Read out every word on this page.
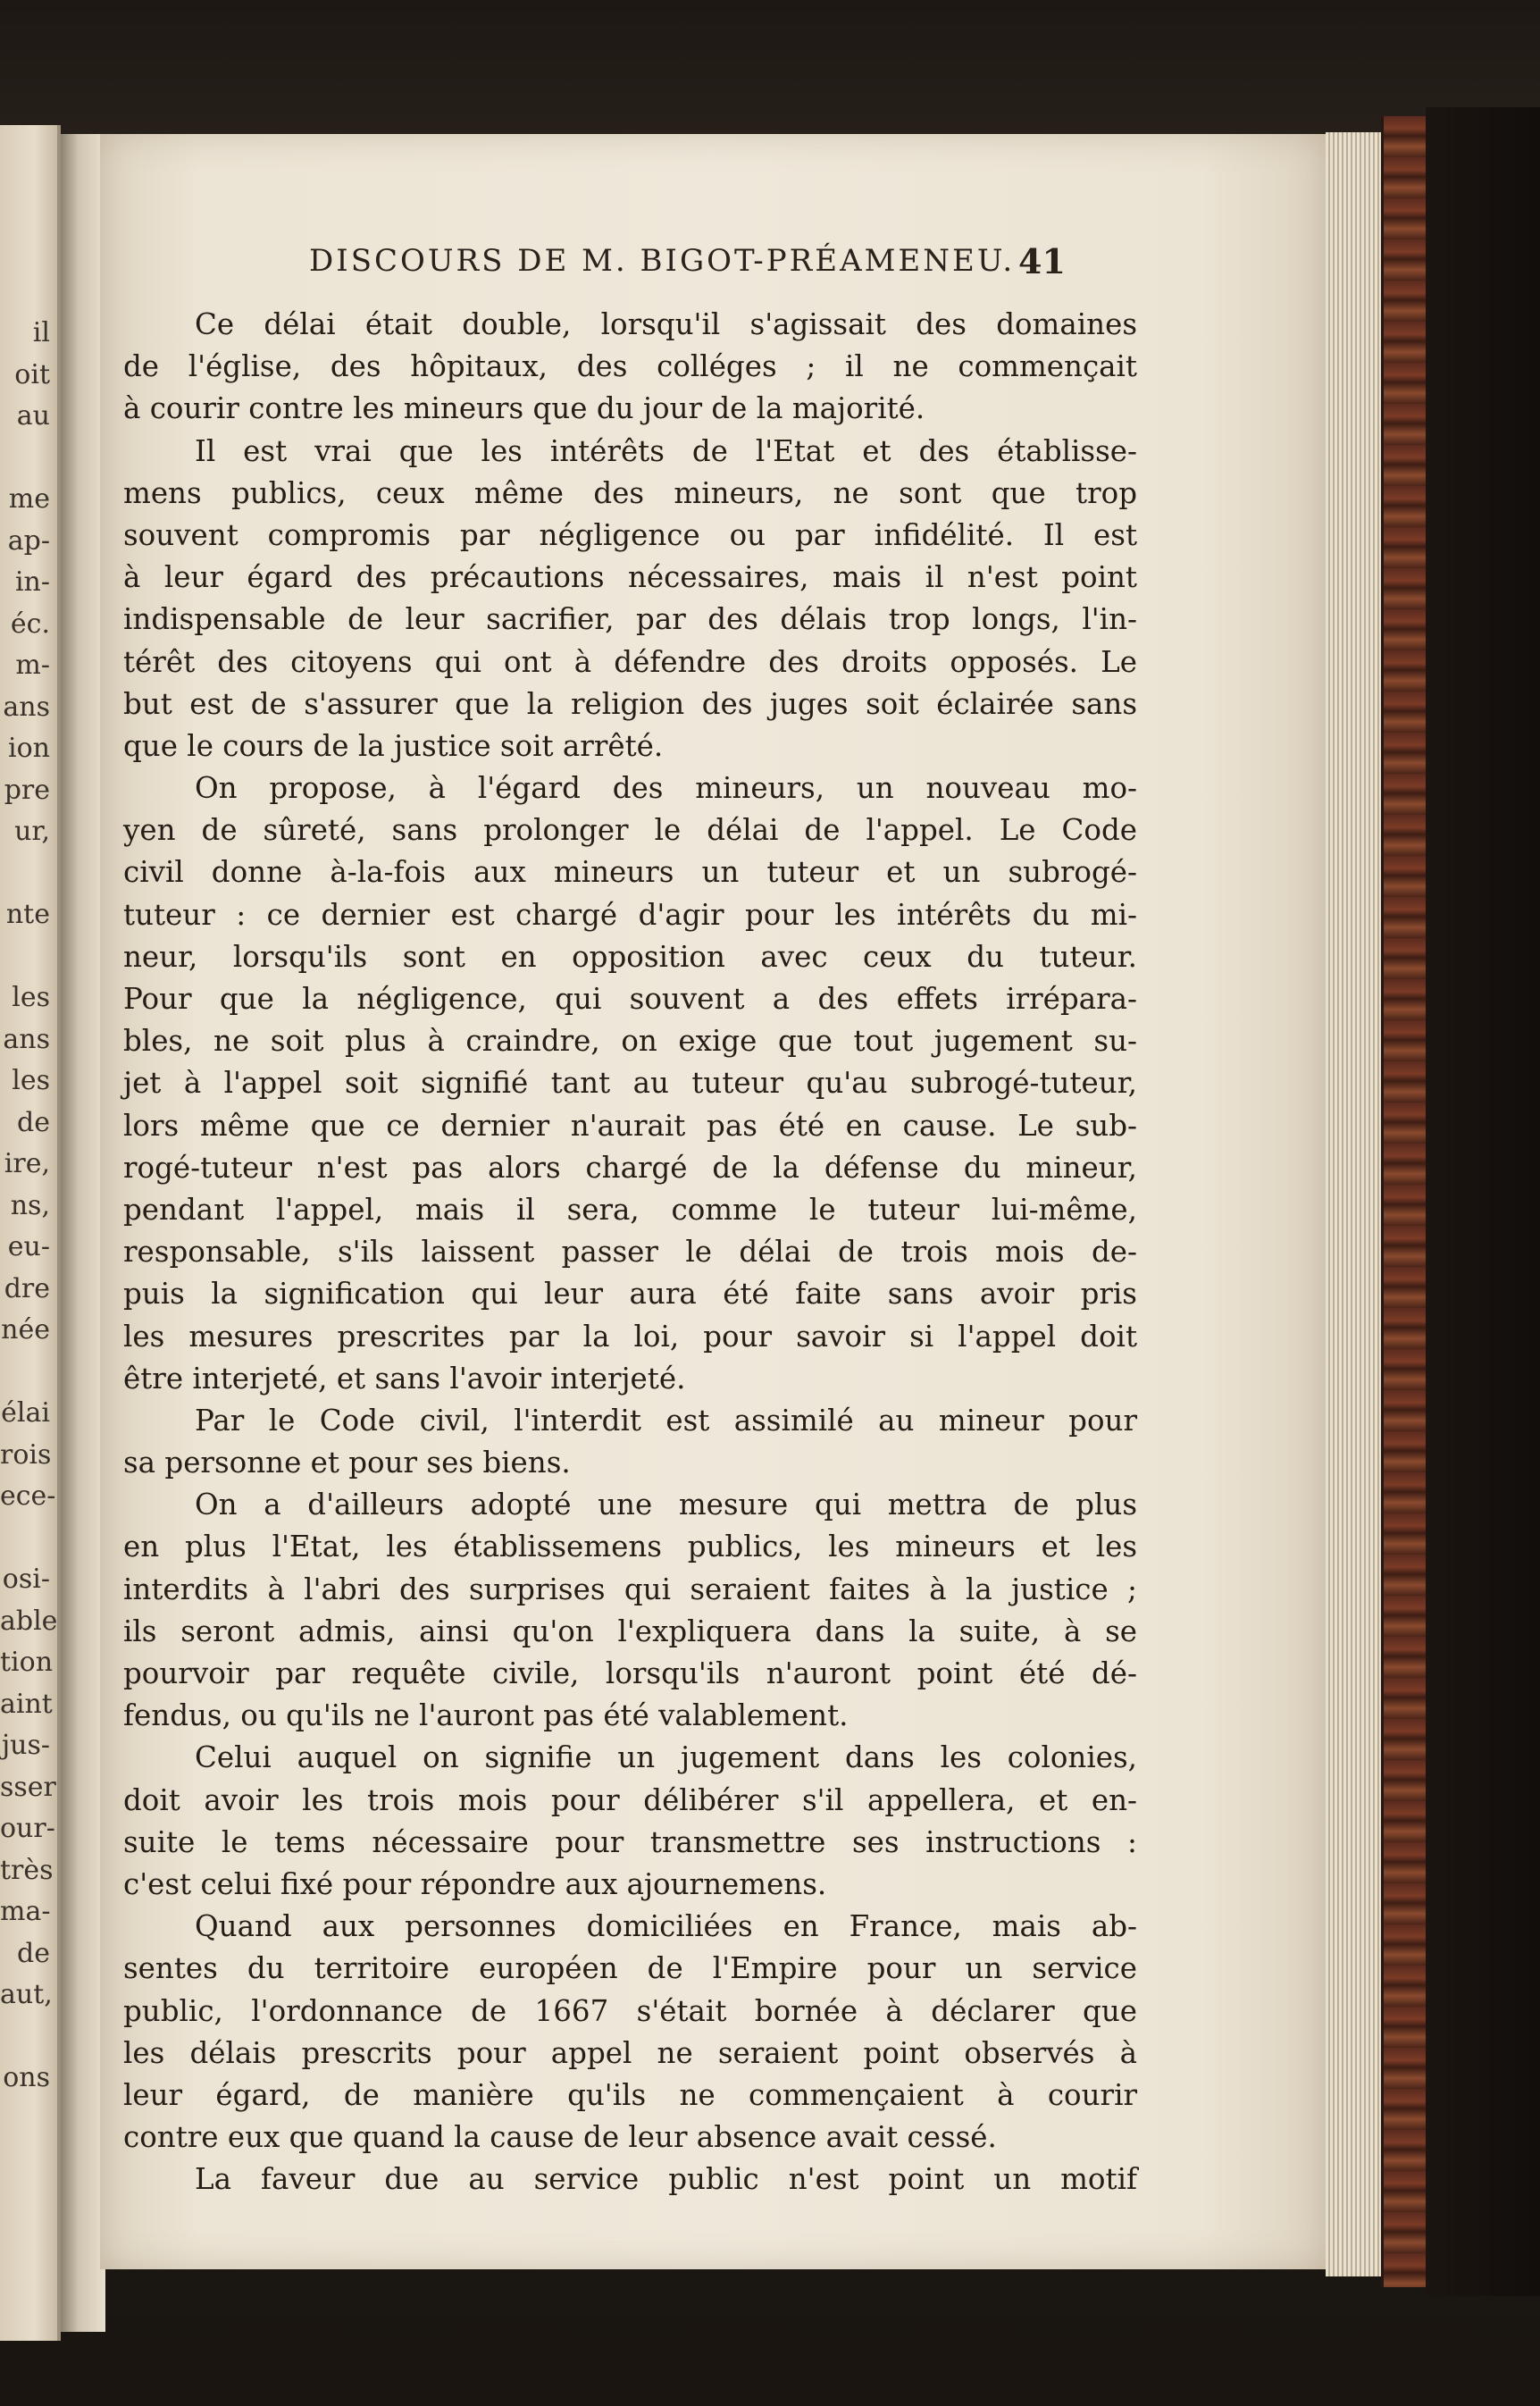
il
oit
au
me
ap-
in-
éc.
m-
ans
ion
pre
ur,
nte
les
ans
les
de
ire,
ns,
eu-
dre
née
élai
rois
ece-
osi-
able
tion
aint
jus-
sser
our-
très
ma-
de
aut,
ons
DISCOURS DE M. BIGOT-PRÉAMENEU. 41
Ce délai était double, lorsqu'il s'agissait des domaines
de l'église, des hôpitaux, des colléges ; il ne commençait
à courir contre les mineurs que du jour de la majorité.
Il est vrai que les intérêts de l'Etat et des établisse-
mens publics, ceux même des mineurs, ne sont que trop
souvent compromis par négligence ou par infidélité. Il est
à leur égard des précautions nécessaires, mais il n'est point
indispensable de leur sacrifier, par des délais trop longs, l'in-
térêt des citoyens qui ont à défendre des droits opposés. Le
but est de s'assurer que la religion des juges soit éclairée sans
que le cours de la justice soit arrêté.
On propose, à l'égard des mineurs, un nouveau mo-
yen de sûreté, sans prolonger le délai de l'appel. Le Code
civil donne à-la-fois aux mineurs un tuteur et un subrogé-
tuteur : ce dernier est chargé d'agir pour les intérêts du mi-
neur, lorsqu'ils sont en opposition avec ceux du tuteur.
Pour que la négligence, qui souvent a des effets irrépara-
bles, ne soit plus à craindre, on exige que tout jugement su-
jet à l'appel soit signifié tant au tuteur qu'au subrogé-tuteur,
lors même que ce dernier n'aurait pas été en cause. Le sub-
rogé-tuteur n'est pas alors chargé de la défense du mineur,
pendant l'appel, mais il sera, comme le tuteur lui-même,
responsable, s'ils laissent passer le délai de trois mois de-
puis la signification qui leur aura été faite sans avoir pris
les mesures prescrites par la loi, pour savoir si l'appel doit
être interjeté, et sans l'avoir interjeté.
Par le Code civil, l'interdit est assimilé au mineur pour
sa personne et pour ses biens.
On a d'ailleurs adopté une mesure qui mettra de plus
en plus l'Etat, les établissemens publics, les mineurs et les
interdits à l'abri des surprises qui seraient faites à la justice ;
ils seront admis, ainsi qu'on l'expliquera dans la suite, à se
pourvoir par requête civile, lorsqu'ils n'auront point été dé-
fendus, ou qu'ils ne l'auront pas été valablement.
Celui auquel on signifie un jugement dans les colonies,
doit avoir les trois mois pour délibérer s'il appellera, et en-
suite le tems nécessaire pour transmettre ses instructions :
c'est celui fixé pour répondre aux ajournemens.
Quand aux personnes domiciliées en France, mais ab-
sentes du territoire européen de l'Empire pour un service
public, l'ordonnance de 1667 s'était bornée à déclarer que
les délais prescrits pour appel ne seraient point observés à
leur égard, de manière qu'ils ne commençaient à courir
contre eux que quand la cause de leur absence avait cessé.
La faveur due au service public n'est point un motif
